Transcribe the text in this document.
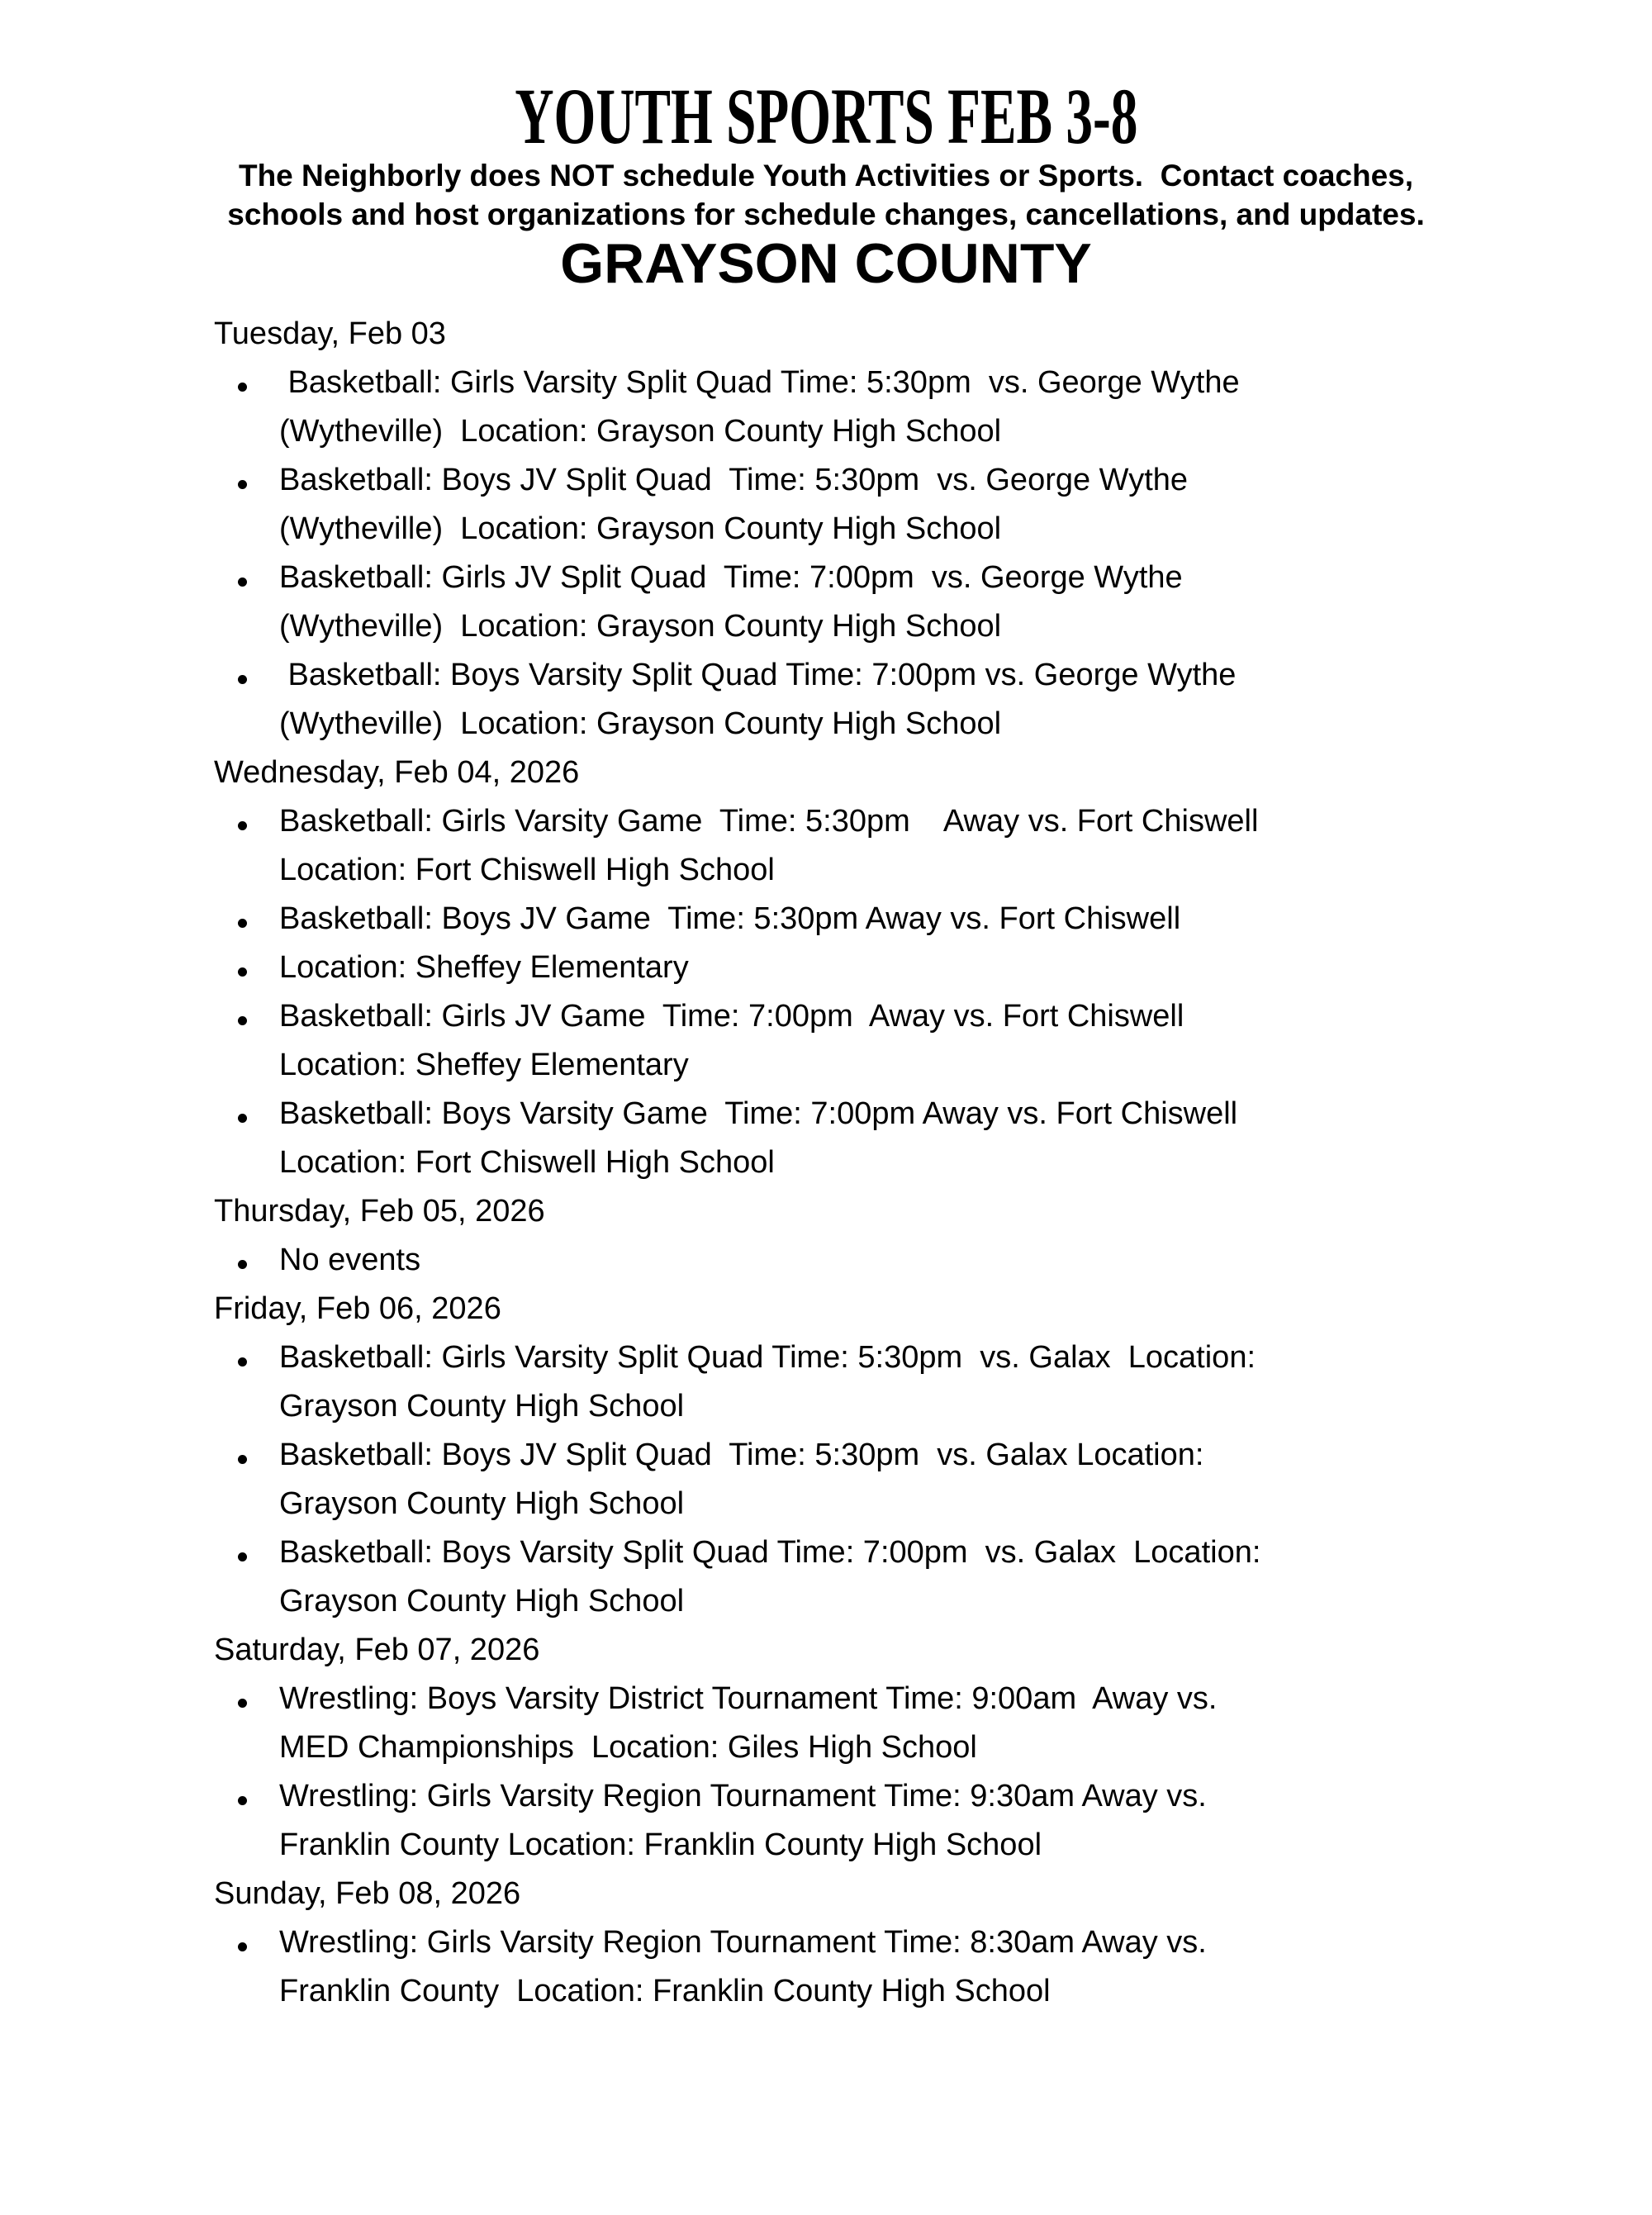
YOUTH SPORTS FEB 3-8

The Neighborly does NOT schedule Youth Activities or Sports.  Contact coaches,
schools and host organizations for schedule changes, cancellations, and updates.

GRAYSON COUNTY
Tuesday, Feb 03
Basketball: Girls Varsity Split Quad Time: 5:30pm  vs. George Wythe
(Wytheville)  Location: Grayson County High School
Basketball: Boys JV Split Quad  Time: 5:30pm  vs. George Wythe
(Wytheville)  Location: Grayson County High School
Basketball: Girls JV Split Quad  Time: 7:00pm  vs. George Wythe
(Wytheville)  Location: Grayson County High School
Basketball: Boys Varsity Split Quad Time: 7:00pm vs. George Wythe
(Wytheville)  Location: Grayson County High School
Wednesday, Feb 04, 2026
Basketball: Girls Varsity Game  Time: 5:30pm    Away vs. Fort Chiswell
Location: Fort Chiswell High School
Basketball: Boys JV Game  Time: 5:30pm Away vs. Fort Chiswell
Location: Sheffey Elementary
Basketball: Girls JV Game  Time: 7:00pm  Away vs. Fort Chiswell
Location: Sheffey Elementary
Basketball: Boys Varsity Game  Time: 7:00pm Away vs. Fort Chiswell
Location: Fort Chiswell High School
Thursday, Feb 05, 2026
No events
Friday, Feb 06, 2026
Basketball: Girls Varsity Split Quad Time: 5:30pm  vs. Galax  Location:
Grayson County High School
Basketball: Boys JV Split Quad  Time: 5:30pm  vs. Galax Location:
Grayson County High School
Basketball: Boys Varsity Split Quad Time: 7:00pm  vs. Galax  Location:
Grayson County High School
Saturday, Feb 07, 2026
Wrestling: Boys Varsity District Tournament Time: 9:00am  Away vs.
MED Championships  Location: Giles High School
Wrestling: Girls Varsity Region Tournament Time: 9:30am Away vs.
Franklin County Location: Franklin County High School
Sunday, Feb 08, 2026
Wrestling: Girls Varsity Region Tournament Time: 8:30am Away vs.
Franklin County  Location: Franklin County High School
